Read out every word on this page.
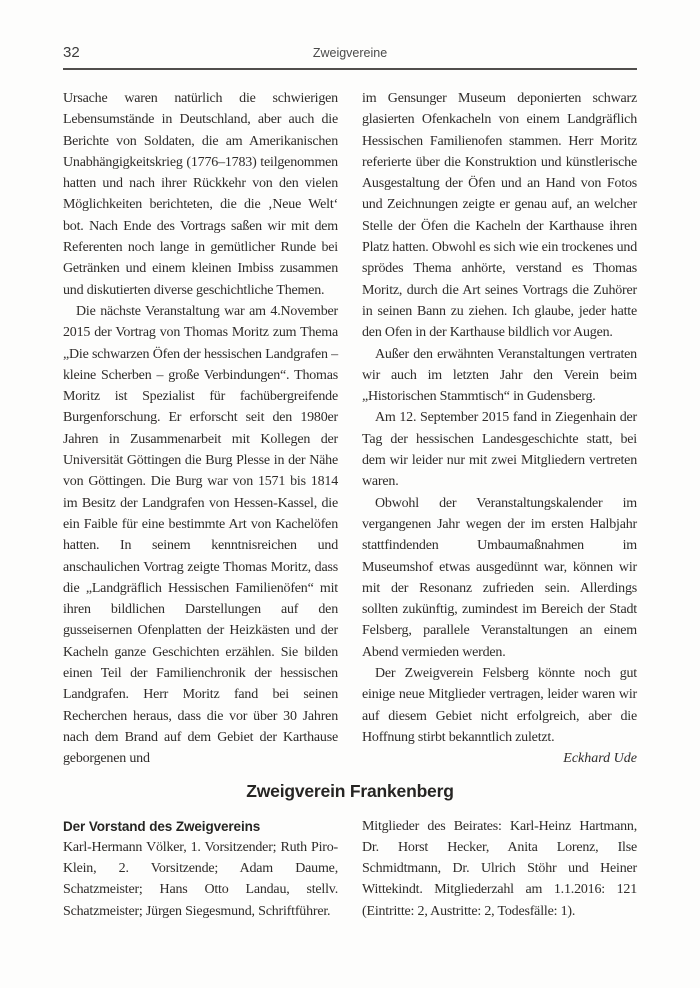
32	Zweigvereine

Ursache waren natürlich die schwierigen Lebensumstände in Deutschland, aber auch die Berichte von Soldaten, die am Amerikanischen Unabhängigkeitskrieg (1776–1783) teilgenommen hatten und nach ihrer Rückkehr von den vielen Möglichkeiten berichteten, die die ‚Neue Welt‘ bot. Nach Ende des Vortrags saßen wir mit dem Referenten noch lange in gemütlicher Runde bei Getränken und einem kleinen Imbiss zusammen und diskutierten diverse geschichtliche Themen.

Die nächste Veranstaltung war am 4.November 2015 der Vortrag von Thomas Moritz zum Thema „Die schwarzen Öfen der hessischen Landgrafen – kleine Scherben – große Verbindungen“. Thomas Moritz ist Spezialist für fachübergreifende Burgenforschung. Er erforscht seit den 1980er Jahren in Zusammenarbeit mit Kollegen der Universität Göttingen die Burg Plesse in der Nähe von Göttingen. Die Burg war von 1571 bis 1814 im Besitz der Landgrafen von Hessen-Kassel, die ein Faible für eine bestimmte Art von Kachelöfen hatten. In seinem kenntnisreichen und anschaulichen Vortrag zeigte Thomas Moritz, dass die „Landgräflich Hessischen Familienöfen“ mit ihren bildlichen Darstellungen auf den gusseisernen Ofenplatten der Heizkästen und der Kacheln ganze Geschichten erzählen. Sie bilden einen Teil der Familienchronik der hessischen Landgrafen. Herr Moritz fand bei seinen Recherchen heraus, dass die vor über 30 Jahren nach dem Brand auf dem Gebiet der Karthause geborgenen und

im Gensunger Museum deponierten schwarz glasierten Ofenkacheln von einem Landgräflich Hessischen Familienofen stammen. Herr Moritz referierte über die Konstruktion und künstlerische Ausgestaltung der Öfen und an Hand von Fotos und Zeichnungen zeigte er genau auf, an welcher Stelle der Öfen die Kacheln der Karthause ihren Platz hatten. Obwohl es sich wie ein trockenes und sprödes Thema anhörte, verstand es Thomas Moritz, durch die Art seines Vortrags die Zuhörer in seinen Bann zu ziehen. Ich glaube, jeder hatte den Ofen in der Karthause bildlich vor Augen.

Außer den erwähnten Veranstaltungen vertraten wir auch im letzten Jahr den Verein beim „Historischen Stammtisch“ in Gudensberg.

Am 12. September 2015 fand in Ziegenhain der Tag der hessischen Landesgeschichte statt, bei dem wir leider nur mit zwei Mitgliedern vertreten waren.

Obwohl der Veranstaltungskalender im vergangenen Jahr wegen der im ersten Halbjahr stattfindenden Umbaumaßnahmen im Museumshof etwas ausgedünnt war, können wir mit der Resonanz zufrieden sein. Allerdings sollten zukünftig, zumindest im Bereich der Stadt Felsberg, parallele Veranstaltungen an einem Abend vermieden werden.

Der Zweigverein Felsberg könnte noch gut einige neue Mitglieder vertragen, leider waren wir auf diesem Gebiet nicht erfolgreich, aber die Hoffnung stirbt bekanntlich zuletzt.

Eckhard Ude

Zweigverein Frankenberg
Der Vorstand des Zweigvereins

Karl-Hermann Völker, 1. Vorsitzender; Ruth Piro-Klein, 2. Vorsitzende; Adam Daume, Schatzmeister; Hans Otto Landau, stellv. Schatzmeister; Jürgen Siegesmund, Schriftführer.

Mitglieder des Beirates: Karl-Heinz Hartmann, Dr. Horst Hecker, Anita Lorenz, Ilse Schmidtmann, Dr. Ulrich Stöhr und Heiner Wittekindt. Mitgliederzahl am 1.1.2016: 121 (Eintritte: 2, Austritte: 2, Todesfälle: 1).
